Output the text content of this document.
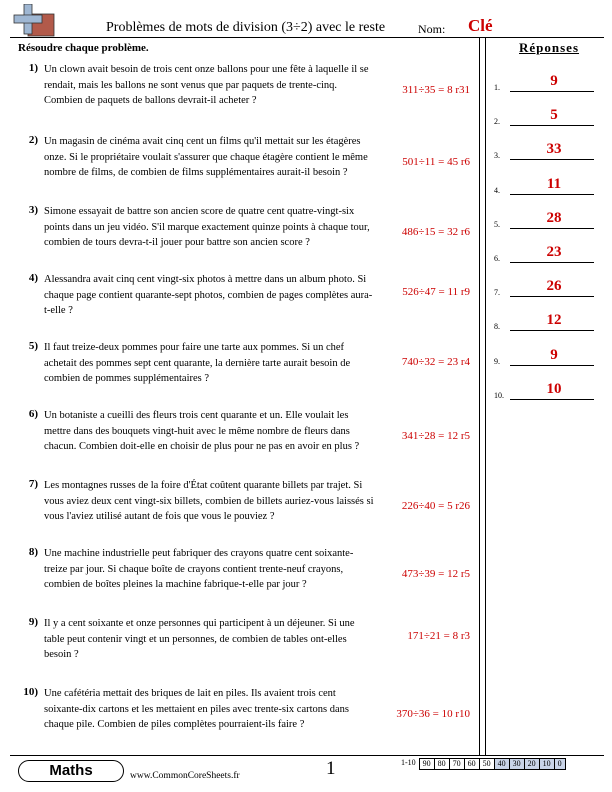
Problèmes de mots de division (3÷2) avec le reste	Nom: Clé
Résoudre chaque problème.
1) Un clown avait besoin de trois cent onze ballons pour une fête à laquelle il se rendait, mais les ballons ne sont venus que par paquets de trente-cinq. Combien de paquets de ballons devrait-il acheter ?
311÷35 = 8 r31
2) Un magasin de cinéma avait cinq cent un films qu'il mettait sur les étagères onze. Si le propriétaire voulait s'assurer que chaque étagère contient le même nombre de films, de combien de films supplémentaires aurait-il besoin ?
501÷11 = 45 r6
3) Simone essayait de battre son ancien score de quatre cent quatre-vingt-six points dans un jeu vidéo. S'il marque exactement quinze points à chaque tour, combien de tours devra-t-il jouer pour battre son ancien score ?
486÷15 = 32 r6
4) Alessandra avait cinq cent vingt-six photos à mettre dans un album photo. Si chaque page contient quarante-sept photos, combien de pages complètes aura-t-elle ?
526÷47 = 11 r9
5) Il faut treize-deux pommes pour faire une tarte aux pommes. Si un chef achetait des pommes sept cent quarante, la dernière tarte aurait besoin de combien de pommes supplémentaires ?
740÷32 = 23 r4
6) Un botaniste a cueilli des fleurs trois cent quarante et un. Elle voulait les mettre dans des bouquets vingt-huit avec le même nombre de fleurs dans chacun. Combien doit-elle en choisir de plus pour ne pas en avoir en plus ?
341÷28 = 12 r5
7) Les montagnes russes de la foire d'État coûtent quarante billets par trajet. Si vous aviez deux cent vingt-six billets, combien de billets auriez-vous laissés si vous l'aviez utilisé autant de fois que vous le pouviez ?
226÷40 = 5 r26
8) Une machine industrielle peut fabriquer des crayons quatre cent soixante-treize par jour. Si chaque boîte de crayons contient trente-neuf crayons, combien de boîtes pleines la machine fabrique-t-elle par jour ?
473÷39 = 12 r5
9) Il y a cent soixante et onze personnes qui participent à un déjeuner. Si une table peut contenir vingt et un personnes, de combien de tables ont-elles besoin ?
171÷21 = 8 r3
10) Une cafétéria mettait des briques de lait en piles. Ils avaient trois cent soixante-dix cartons et les mettaient en piles avec trente-six cartons dans chaque pile. Combien de piles complètes pourraient-ils faire ?
370÷36 = 10 r10
Réponses
1.	9
2.	5
3.	33
4.	11
5.	28
6.	23
7.	26
8.	12
9.	9
10.	10
Maths	www.CommonCoreSheets.fr	1	1-10 90 80 70 60 50 40 30 20 10 0
